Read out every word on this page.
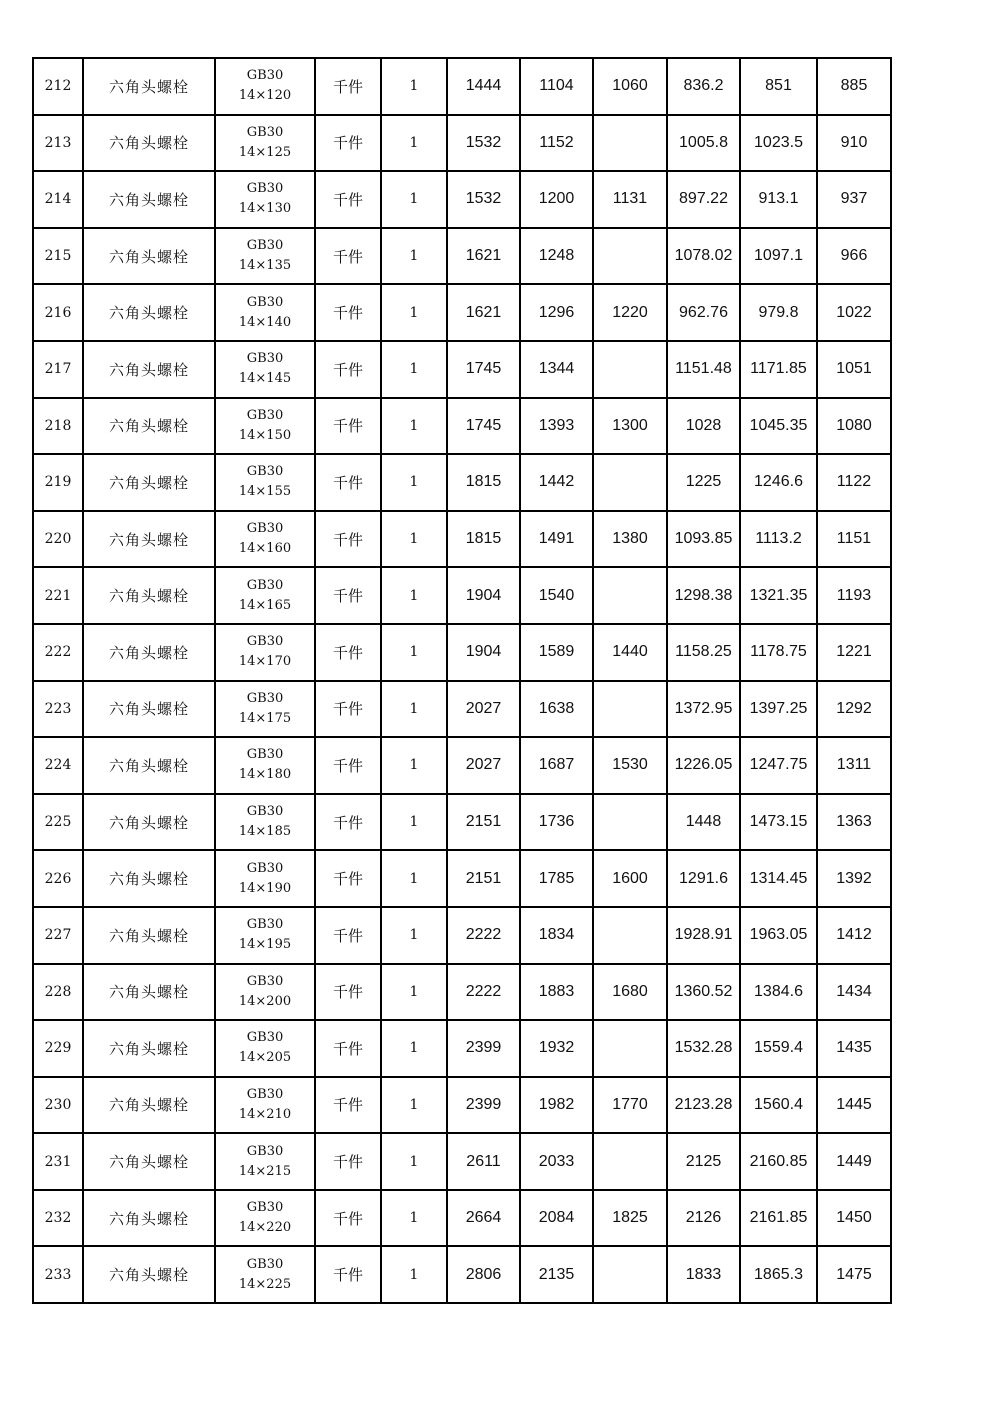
212	六角头螺栓	GB30
14×120	千件	1	1444	1104	1060	836.2	851	885
213	六角头螺栓	GB30
14×125	千件	1	1532	1152		1005.8	1023.5	910
214	六角头螺栓	GB30
14×130	千件	1	1532	1200	1131	897.22	913.1	937
215	六角头螺栓	GB30
14×135	千件	1	1621	1248		1078.02	1097.1	966
216	六角头螺栓	GB30
14×140	千件	1	1621	1296	1220	962.76	979.8	1022
217	六角头螺栓	GB30
14×145	千件	1	1745	1344		1151.48	1171.85	1051
218	六角头螺栓	GB30
14×150	千件	1	1745	1393	1300	1028	1045.35	1080
219	六角头螺栓	GB30
14×155	千件	1	1815	1442		1225	1246.6	1122
220	六角头螺栓	GB30
14×160	千件	1	1815	1491	1380	1093.85	1113.2	1151
221	六角头螺栓	GB30
14×165	千件	1	1904	1540		1298.38	1321.35	1193
222	六角头螺栓	GB30
14×170	千件	1	1904	1589	1440	1158.25	1178.75	1221
223	六角头螺栓	GB30
14×175	千件	1	2027	1638		1372.95	1397.25	1292
224	六角头螺栓	GB30
14×180	千件	1	2027	1687	1530	1226.05	1247.75	1311
225	六角头螺栓	GB30
14×185	千件	1	2151	1736		1448	1473.15	1363
226	六角头螺栓	GB30
14×190	千件	1	2151	1785	1600	1291.6	1314.45	1392
227	六角头螺栓	GB30
14×195	千件	1	2222	1834		1928.91	1963.05	1412
228	六角头螺栓	GB30
14×200	千件	1	2222	1883	1680	1360.52	1384.6	1434
229	六角头螺栓	GB30
14×205	千件	1	2399	1932		1532.28	1559.4	1435
230	六角头螺栓	GB30
14×210	千件	1	2399	1982	1770	2123.28	1560.4	1445
231	六角头螺栓	GB30
14×215	千件	1	2611	2033		2125	2160.85	1449
232	六角头螺栓	GB30
14×220	千件	1	2664	2084	1825	2126	2161.85	1450
233	六角头螺栓	GB30
14×225	千件	1	2806	2135		1833	1865.3	1475
